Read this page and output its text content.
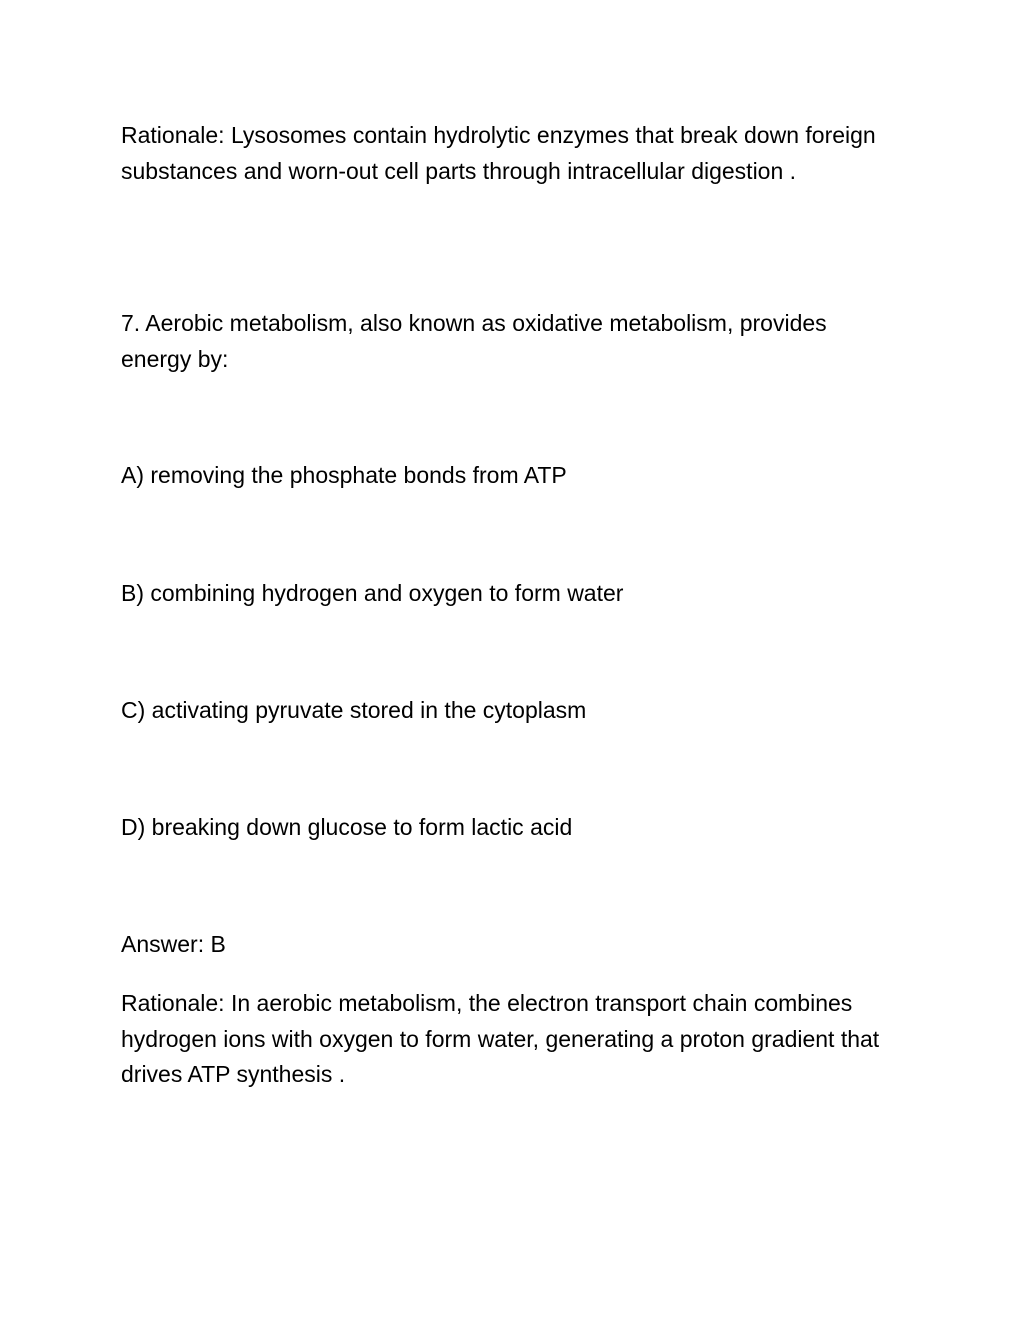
Rationale: Lysosomes contain hydrolytic enzymes that break down foreign substances and worn-out cell parts through intracellular digestion .

7. Aerobic metabolism, also known as oxidative metabolism, provides energy by:

A) removing the phosphate bonds from ATP

B) combining hydrogen and oxygen to form water

C) activating pyruvate stored in the cytoplasm

D) breaking down glucose to form lactic acid

Answer: B

Rationale: In aerobic metabolism, the electron transport chain combines hydrogen ions with oxygen to form water, generating a proton gradient that drives ATP synthesis .
